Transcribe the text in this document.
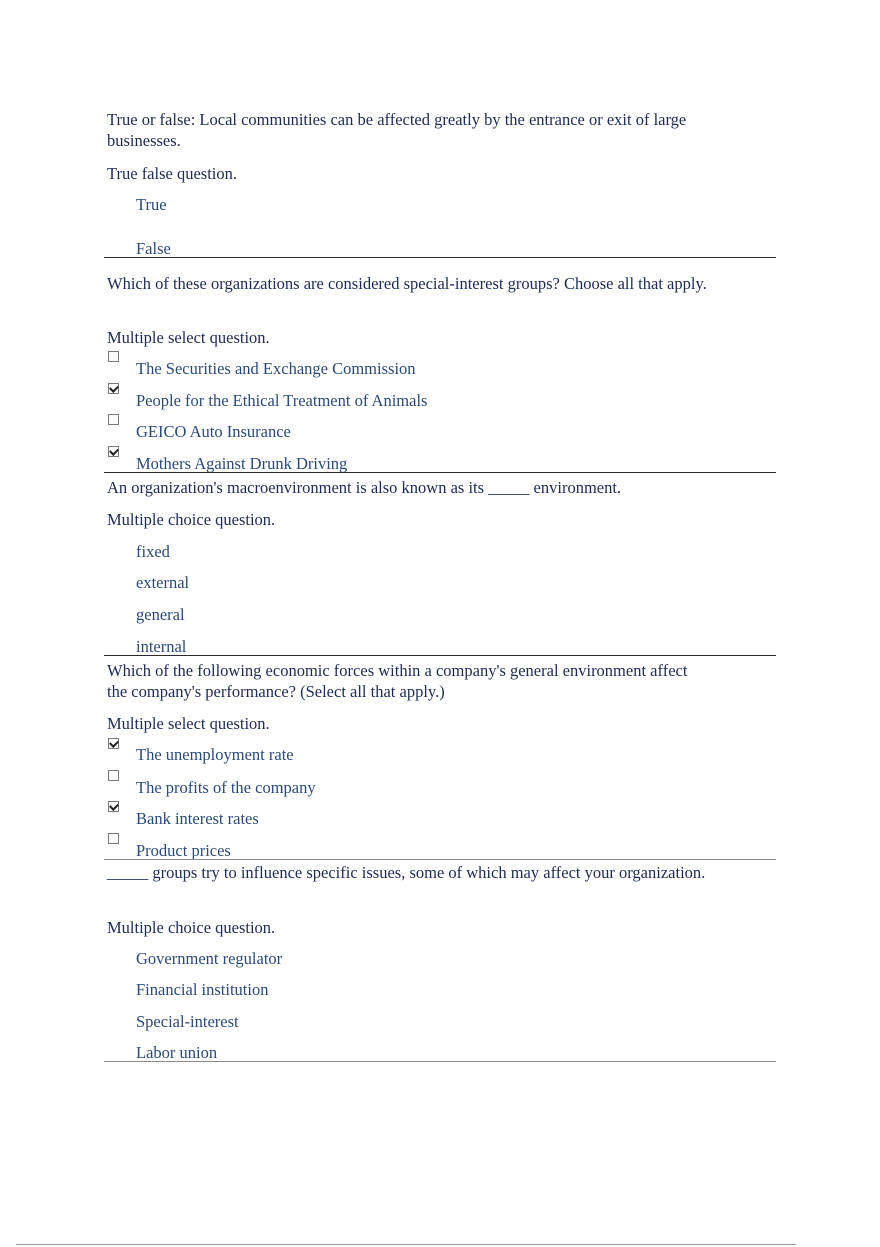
True or false: Local communities can be affected greatly by the entrance or exit of large businesses.
True false question.
True
False
Which of these organizations are considered special-interest groups? Choose all that apply.
Multiple select question.
The Securities and Exchange Commission
People for the Ethical Treatment of Animals
GEICO Auto Insurance
Mothers Against Drunk Driving
An organization's macroenvironment is also known as its _____ environment.
Multiple choice question.
fixed
external
general
internal
Which of the following economic forces within a company's general environment affect the company's performance? (Select all that apply.)
Multiple select question.
The unemployment rate
The profits of the company
Bank interest rates
Product prices
_____ groups try to influence specific issues, some of which may affect your organization.
Multiple choice question.
Government regulator
Financial institution
Special-interest
Labor union
